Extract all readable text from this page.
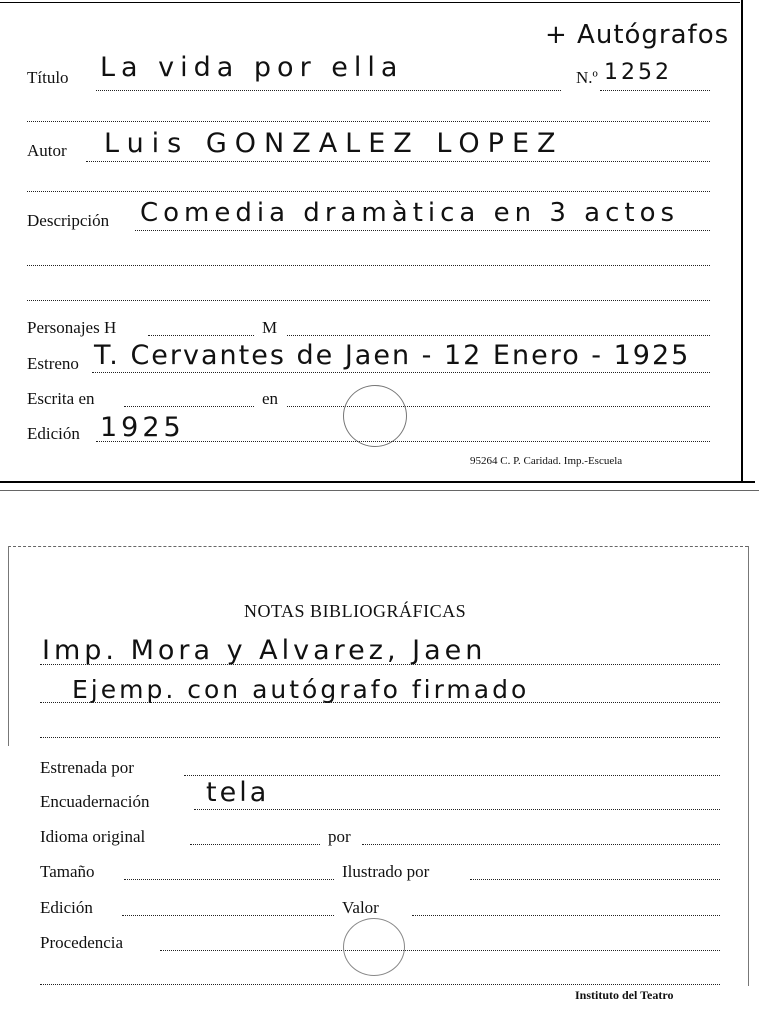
+ Autógrafos
Título La vida por ella	N.º 1252
Autor Luis GONZALEZ LOPEZ
Descripción Comedia dramàtica en 3 actos
Personajes H	M
Estreno T. Cervantes de Jaen - 12 Enero - 1925
Escrita en	en
Edición 1925
95264 C. P. Caridad. Imp.-Escuela
NOTAS BIBLIOGRÁFICAS
Imp. Mora y Alvarez, Jaen
Ejemp. con autógrafo firmado
Estrenada por
Encuadernación tela
Idioma original	por
Tamaño	Ilustrado por
Edición	Valor
Procedencia
Instituto del Teatro
